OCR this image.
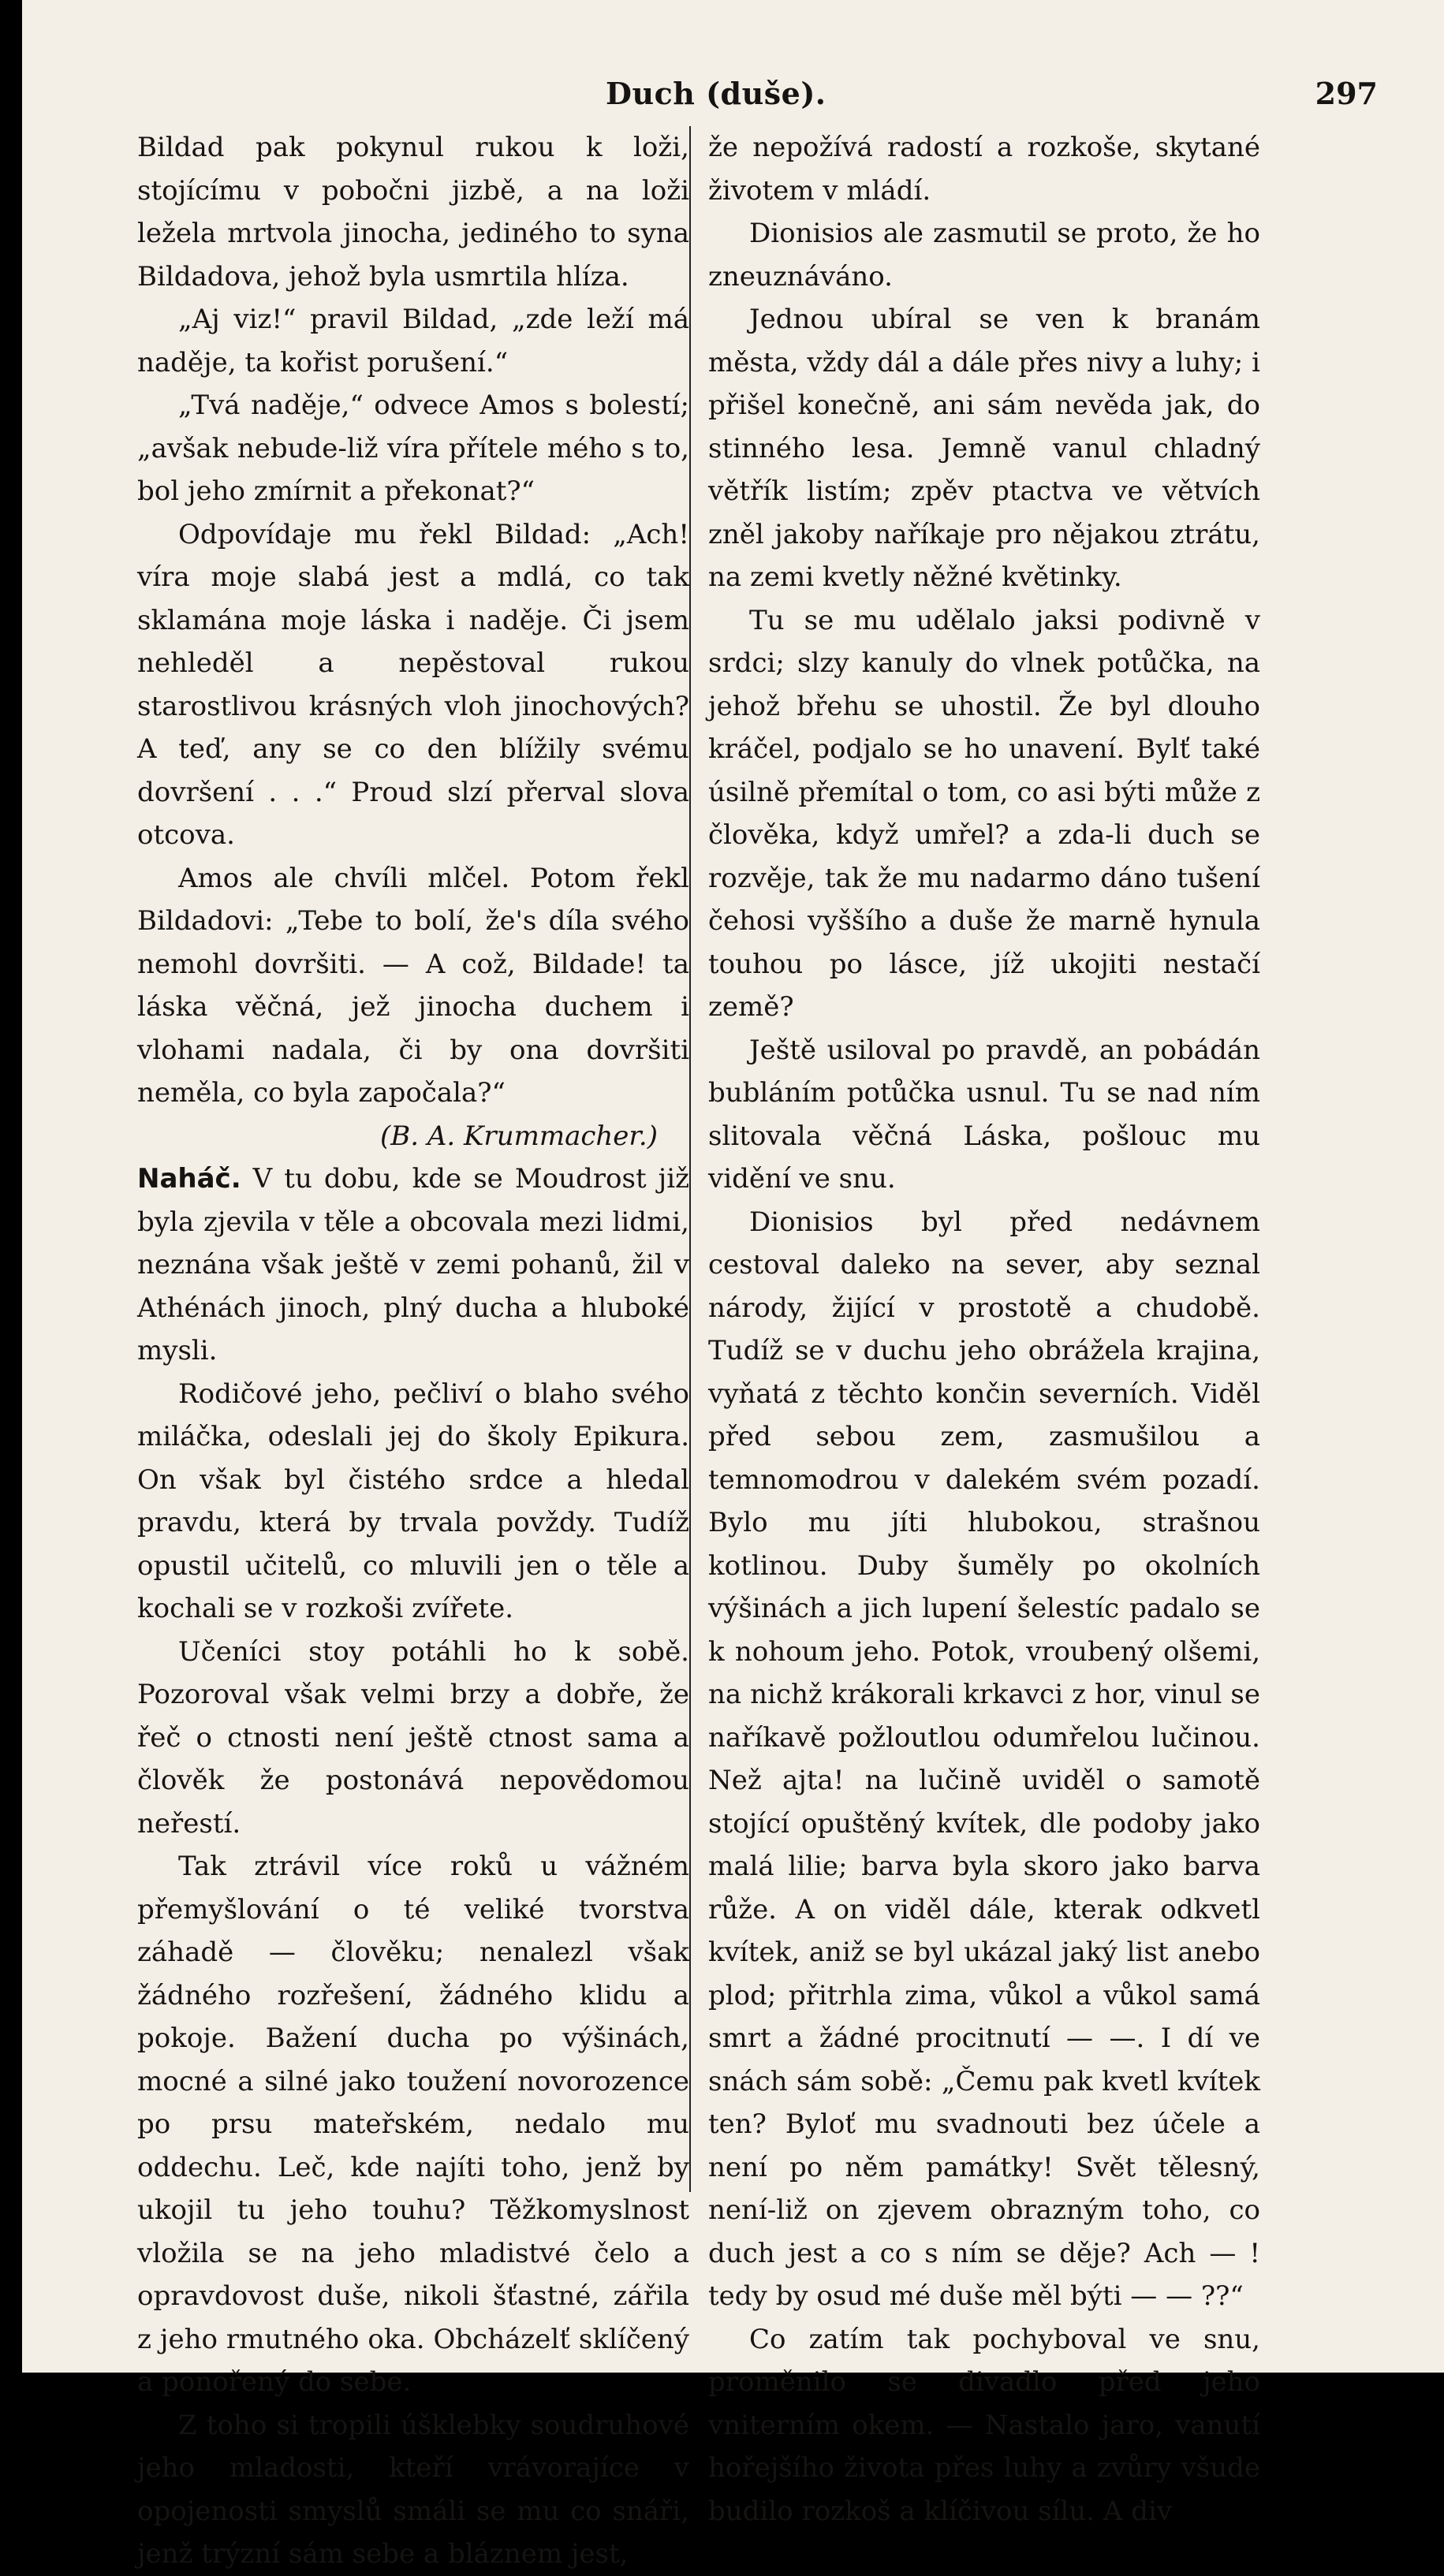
Duch (duše).	297

Bildad pak pokynul rukou k loži, stojícímu v pobočni jizbě, a na loži ležela mrtvola jinocha, jediného to syna Bildadova, jehož byla usmrtila hlíza.

„Aj viz!“ pravil Bildad, „zde leží má naděje, ta kořist porušení.“

„Tvá naděje,“ odvece Amos s bolestí; „avšak nebude-liž víra přítele mého s to, bol jeho zmírnit a překonat?“

Odpovídaje mu řekl Bildad: „Ach! víra moje slabá jest a mdlá, co tak sklamána moje láska i naděje. Či jsem nehleděl a nepěstoval rukou starostlivou krásných vloh jinochových? A teď, any se co den blížily svému dovršení . . .“ Proud slzí přerval slova otcova.

Amos ale chvíli mlčel. Potom řekl Bildadovi: „Tebe to bolí, že's díla svého nemohl dovršiti. — A což, Bildade! ta láska věčná, jež jinocha duchem i vlohami nadala, či by ona dovršiti neměla, co byla započala?“

(B. A. Krummacher.)

Naháč. V tu dobu, kde se Moudrost již byla zjevila v těle a obcovala mezi lidmi, neznána však ještě v zemi pohanů, žil v Athénách jinoch, plný ducha a hluboké mysli.

Rodičové jeho, pečliví o blaho svého miláčka, odeslali jej do školy Epikura. On však byl čistého srdce a hledal pravdu, která by trvala povždy. Tudíž opustil učitelů, co mluvili jen o těle a kochali se v rozkoši zvířete.

Učeníci stoy potáhli ho k sobě. Pozoroval však velmi brzy a dobře, že řeč o ctnosti není ještě ctnost sama a člověk že postonává nepovědomou neřestí.

Tak ztrávil více roků u vážném přemyšlování o té veliké tvorstva záhadě — člověku; nenalezl však žádného rozřešení, žádného klidu a pokoje. Bažení ducha po výšinách, mocné a silné jako toužení novorozence po prsu mateřském, nedalo mu oddechu. Leč, kde najíti toho, jenž by ukojil tu jeho touhu? Těžkomyslnost vložila se na jeho mladistvé čelo a opravdovost duše, nikoli šťastné, zářila z jeho rmutného oka. Obcházelť sklíčený a ponořený do sebe.

Z toho si tropili úšklebky soudruhové jeho mladosti, kteří vrávorajíce v opojenosti smyslů smáli se mu co snáři, jenž trýzní sám sebe a bláznem jest,

že nepožívá radostí a rozkoše, skytané životem v mládí.

Dionisios ale zasmutil se proto, že ho zneuznáváno.

Jednou ubíral se ven k branám města, vždy dál a dále přes nivy a luhy; i přišel konečně, ani sám nevěda jak, do stinného lesa. Jemně vanul chladný větřík listím; zpěv ptactva ve větvích zněl jakoby naříkaje pro nějakou ztrátu, na zemi kvetly něžné květinky.

Tu se mu udělalo jaksi podivně v srdci; slzy kanuly do vlnek potůčka, na jehož břehu se uhostil. Že byl dlouho kráčel, podjalo se ho unavení. Bylť také úsilně přemítal o tom, co asi býti může z člověka, když umřel? a zda-li duch se rozvěje, tak že mu nadarmo dáno tušení čehosi vyššího a duše že marně hynula touhou po lásce, jíž ukojiti nestačí země?

Ještě usiloval po pravdě, an pobádán bubláním potůčka usnul. Tu se nad ním slitovala věčná Láska, pošlouc mu vidění ve snu.

Dionisios byl před nedávnem cestoval daleko na sever, aby seznal národy, žijící v prostotě a chudobě. Tudíž se v duchu jeho obrážela krajina, vyňatá z těchto končin severních. Viděl před sebou zem, zasmušilou a temnomodrou v dalekém svém pozadí. Bylo mu jíti hlubokou, strašnou kotlinou. Duby šuměly po okolních výšinách a jich lupení šelestíc padalo se k nohoum jeho. Potok, vroubený olšemi, na nichž krákorali krkavci z hor, vinul se naříkavě požloutlou odumřelou lučinou. Než ajta! na lučině uviděl o samotě stojící opuštěný kvítek, dle podoby jako malá lilie; barva byla skoro jako barva růže. A on viděl dále, kterak odkvetl kvítek, aniž se byl ukázal jaký list anebo plod; přitrhla zima, vůkol a vůkol samá smrt a žádné procitnutí — —. I dí ve snách sám sobě: „Čemu pak kvetl kvítek ten? Byloť mu svadnouti bez účele a není po něm památky! Svět tělesný, není-liž on zjevem obrazným toho, co duch jest a co s ním se děje? Ach — ! tedy by osud mé duše měl býti — — ??“

Co zatím tak pochyboval ve snu, proměnilo se divadlo před jeho vniterním okem. — Nastalo jaro, vanutí hořejšího života přes luhy a zvůry všude budilo rozkoš a klíčivou sílu. A div
